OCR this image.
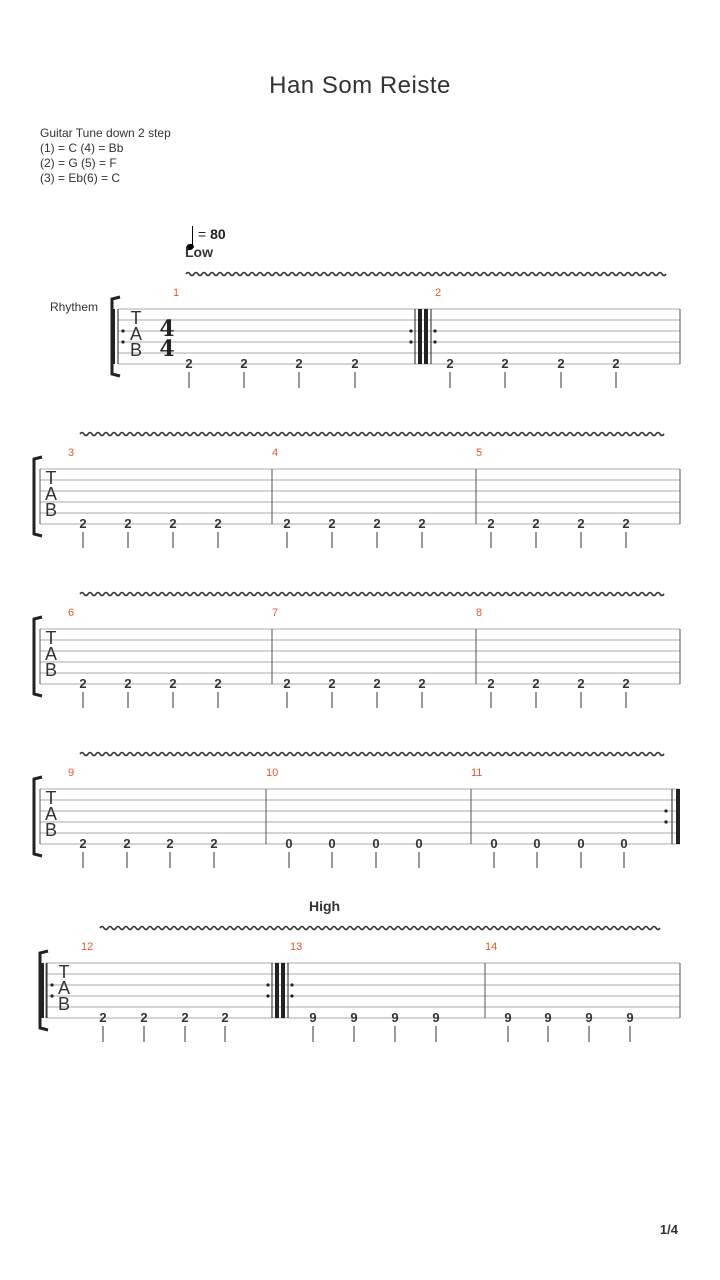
Han Som Reiste
Guitar Tune down 2 step
(1) = C (4) = Bb
(2) = G (5) = F
(3) = Eb(6) = C
= 80
Low
High
Rhythem
1
2	2	2	2
2
2	2	2	2
T
A
B
4
4
3
2	2	2	2
4
2	2	2	2
5
2	2	2	2
T
A
B
6
2	2	2	2
7
2	2	2	2
8
2	2	2	2
T
A
B
9
2	2	2	2
10
0	0	0	0
11
0	0	0	0
T
A
B
12
2	2	2	2
13
9	9	9	9
14
9	9	9	9
T
A
B
1/4
